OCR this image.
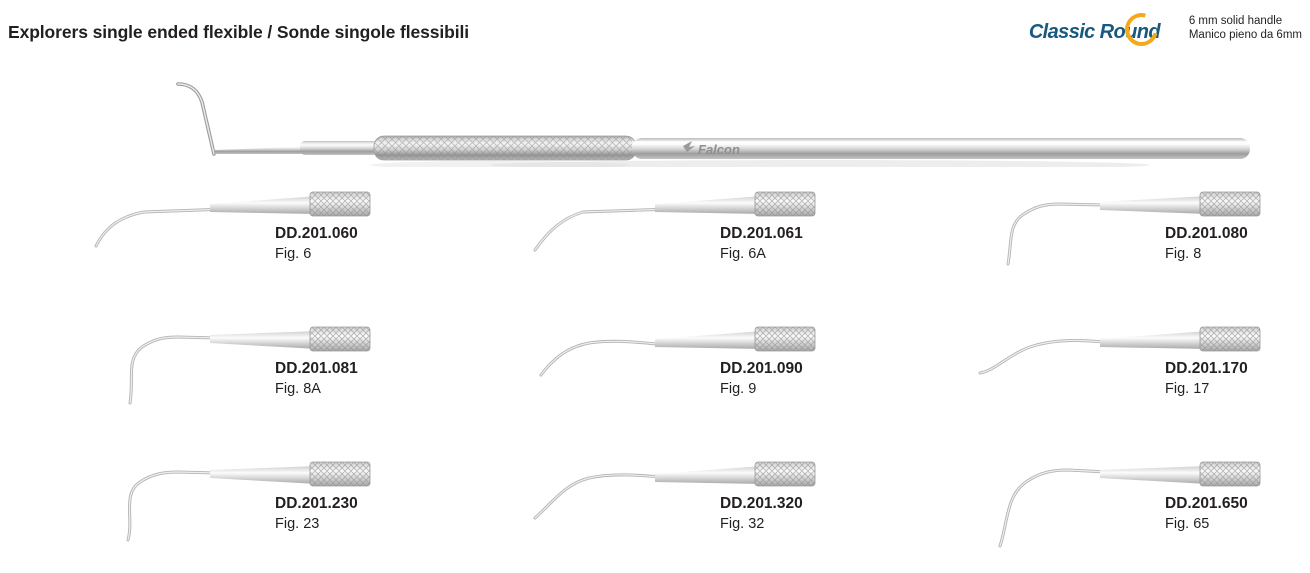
Explorers single ended flexible / Sonde singole flessibili	Classic Round	6 mm solid handle
Manico pieno da 6mm
Falcon
DD.201.060
Fig. 6
DD.201.061
Fig. 6A
DD.201.080
Fig. 8
DD.201.081
Fig. 8A
DD.201.090
Fig. 9
DD.201.170
Fig. 17
DD.201.230
Fig. 23
DD.201.320
Fig. 32
DD.201.650
Fig. 65
